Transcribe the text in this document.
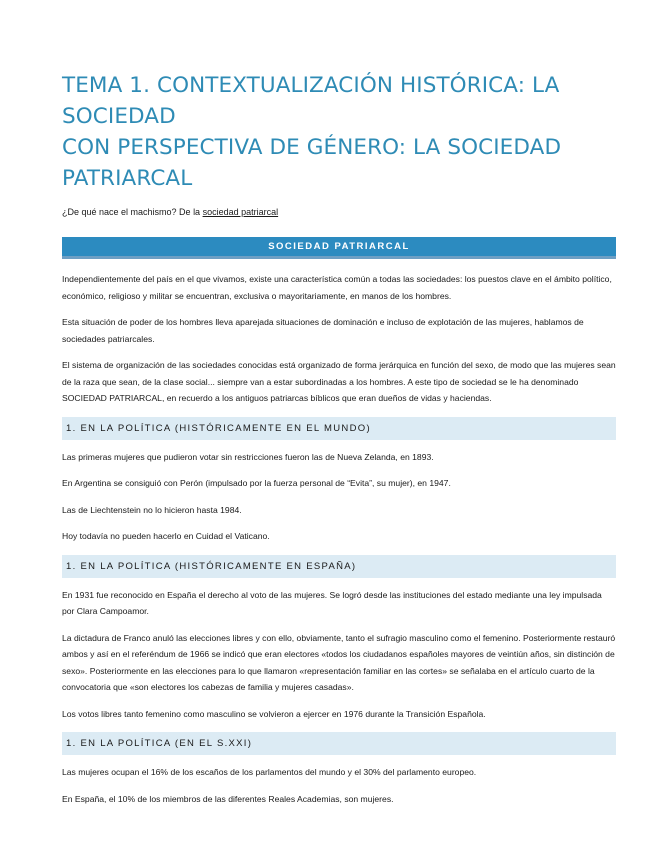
TEMA 1. CONTEXTUALIZACIÓN HISTÓRICA: LA SOCIEDAD
CON PERSPECTIVA DE GÉNERO: LA SOCIEDAD
PATRIARCAL

¿De qué nace el machismo? De la sociedad patriarcal

SOCIEDAD PATRIARCAL

Independientemente del país en el que vivamos, existe una característica común a todas las sociedades: los puestos clave en el ámbito político, económico, religioso y militar se encuentran, exclusiva o mayoritariamente, en manos de los hombres.

Esta situación de poder de los hombres lleva aparejada situaciones de dominación e incluso de explotación de las mujeres, hablamos de sociedades patriarcales.

El sistema de organización de las sociedades conocidas está organizado de forma jerárquica en función del sexo, de modo que las mujeres sean de la raza que sean, de la clase social... siempre van a estar subordinadas a los hombres. A este tipo de sociedad se le ha denominado SOCIEDAD PATRIARCAL, en recuerdo a los antiguos patriarcas bíblicos que eran dueños de vidas y haciendas.

1. EN LA POLÍTICA (HISTÓRICAMENTE EN EL MUNDO)

Las primeras mujeres que pudieron votar sin restricciones fueron las de Nueva Zelanda, en 1893.

En Argentina se consiguió con Perón (impulsado por la fuerza personal de “Evita”, su mujer), en 1947.

Las de Liechtenstein no lo hicieron hasta 1984.

Hoy todavía no pueden hacerlo en Cuidad el Vaticano.

1. EN LA POLÍTICA (HISTÓRICAMENTE EN ESPAÑA)

En 1931 fue reconocido en España el derecho al voto de las mujeres. Se logró desde las instituciones del estado mediante una ley impulsada por Clara Campoamor.

La dictadura de Franco anuló las elecciones libres y con ello, obviamente, tanto el sufragio masculino como el femenino. Posteriormente restauró ambos y así en el referéndum de 1966 se indicó que eran electores «todos los ciudadanos españoles mayores de veintiún años, sin distinción de sexo». Posteriormente en las elecciones para lo que llamaron «representación familiar en las cortes» se señalaba en el artículo cuarto de la convocatoria que «son electores los cabezas de familia y mujeres casadas».

Los votos libres tanto femenino como masculino se volvieron a ejercer en 1976 durante la Transición Española.

1. EN LA POLÍTICA (EN EL S.XXI)

Las mujeres ocupan el 16% de los escaños de los parlamentos del mundo y el 30% del parlamento europeo.

En España, el 10% de los miembros de las diferentes Reales Academias, son mujeres.
